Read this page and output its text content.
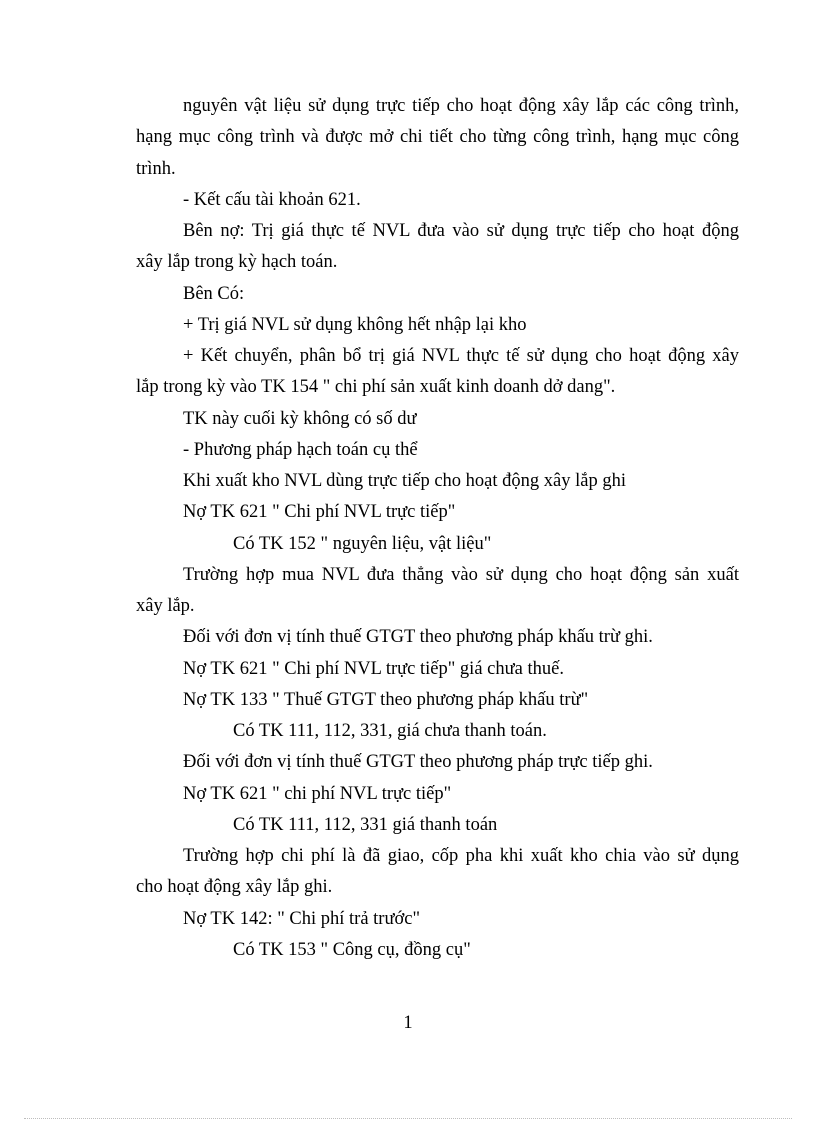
nguyên vật liệu sử dụng trực tiếp cho hoạt động xây lắp các công trình,
hạng mục công trình và được mở chi tiết cho từng công trình, hạng mục công
trình.
- Kết cấu tài khoản 621.
Bên nợ: Trị giá thực tế NVL đưa vào sử dụng trực tiếp cho hoạt động
xây lắp trong kỳ hạch toán.
Bên Có:
+ Trị giá NVL sử dụng không hết nhập lại kho
+ Kết chuyển, phân bổ trị giá NVL thực tế sử dụng cho hoạt động xây
lắp trong kỳ vào TK 154 " chi phí sản xuất kinh doanh dở dang".
TK này cuối kỳ không có số dư
- Phương pháp hạch toán cụ thể
Khi xuất kho NVL dùng trực tiếp cho hoạt động xây lắp ghi
Nợ TK 621 " Chi phí NVL trực tiếp"
Có TK 152 " nguyên liệu, vật liệu"
Trường hợp mua NVL đưa thẳng vào sử dụng cho hoạt động sản xuất
xây lắp.
Đối với đơn vị tính thuế GTGT theo phương pháp khấu trừ ghi.
Nợ TK 621 " Chi phí NVL trực tiếp" giá chưa thuế.
Nợ TK 133 " Thuế GTGT theo phương pháp khấu trừ"
Có TK 111, 112, 331, giá chưa thanh toán.
Đối với đơn vị tính thuế GTGT theo phương pháp trực tiếp ghi.
Nợ TK 621 " chi phí NVL trực tiếp"
Có TK 111, 112, 331 giá thanh toán
Trường hợp chi phí là đã giao, cốp pha khi xuất kho chia vào sử dụng
cho hoạt động xây lắp ghi.
Nợ TK 142: " Chi phí trả trước"
Có TK 153 " Công cụ, đồng cụ"
1
